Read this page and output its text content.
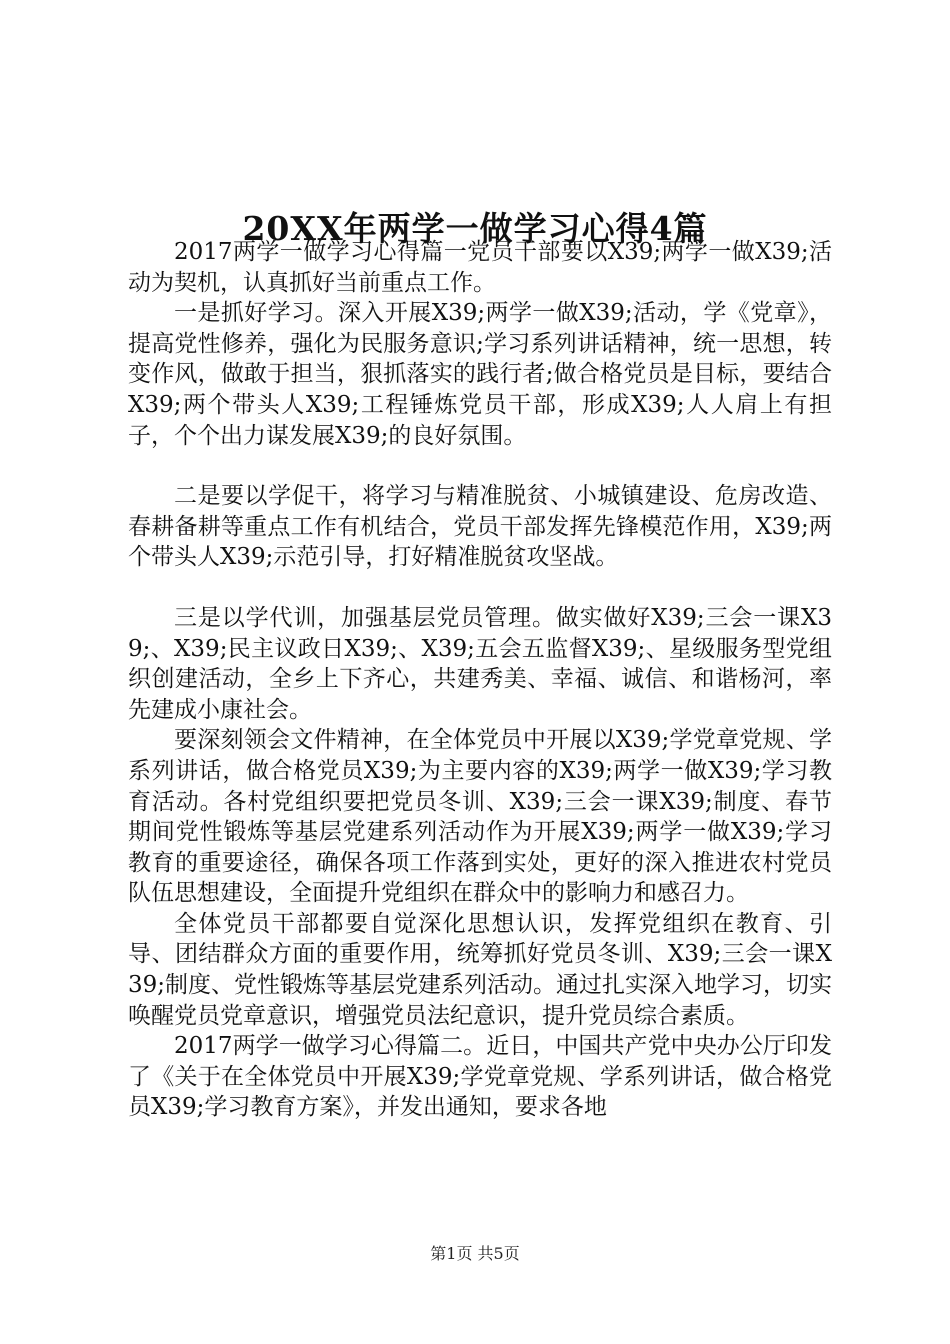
20XX年两学一做学习心得4篇

2017两学一做学习心得篇一党员干部要以X39;两学一做X39;活动为契机，认真抓好当前重点工作。

一是抓好学习。深入开展X39;两学一做X39;活动，学《党章》，提高党性修养，强化为民服务意识;学习系列讲话精神，统一思想，转变作风，做敢于担当，狠抓落实的践行者;做合格党员是目标，要结合X39;两个带头人X39;工程锤炼党员干部，形成X39;人人肩上有担子，个个出力谋发展X39;的良好氛围。

二是要以学促干，将学习与精准脱贫、小城镇建设、危房改造、春耕备耕等重点工作有机结合，党员干部发挥先锋模范作用，X39;两个带头人X39;示范引导，打好精准脱贫攻坚战。

三是以学代训，加强基层党员管理。做实做好X39;三会一课X39;、X39;民主议政日X39;、X39;五会五监督X39;、星级服务型党组织创建活动，全乡上下齐心，共建秀美、幸福、诚信、和谐杨河，率先建成小康社会。

要深刻领会文件精神，在全体党员中开展以X39;学党章党规、学系列讲话，做合格党员X39;为主要内容的X39;两学一做X39;学习教育活动。各村党组织要把党员冬训、X39;三会一课X39;制度、春节期间党性锻炼等基层党建系列活动作为开展X39;两学一做X39;学习教育的重要途径，确保各项工作落到实处，更好的深入推进农村党员队伍思想建设，全面提升党组织在群众中的影响力和感召力。

全体党员干部都要自觉深化思想认识，发挥党组织在教育、引导、团结群众方面的重要作用，统筹抓好党员冬训、X39;三会一课X39;制度、党性锻炼等基层党建系列活动。通过扎实深入地学习，切实唤醒党员党章意识，增强党员法纪意识，提升党员综合素质。

2017两学一做学习心得篇二。近日，中国共产党中央办公厅印发了《关于在全体党员中开展X39;学党章党规、学系列讲话，做合格党员X39;学习教育方案》，并发出通知，要求各地

第1页 共5页
